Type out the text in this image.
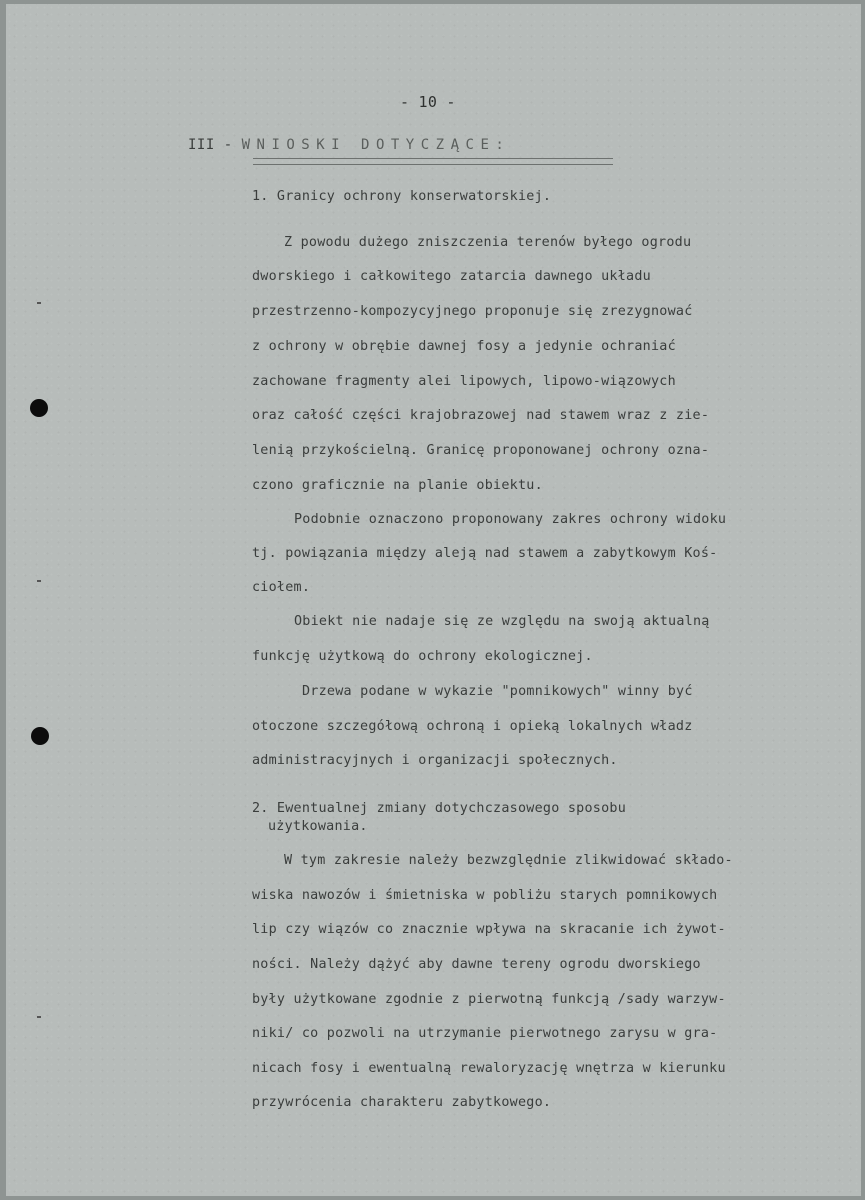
- 10 -
III - WNIOSKI DOTYCZĄCE:
1. Granicy ochrony konserwatorskiej.
Z powodu dużego zniszczenia terenów byłego ogrodu
dworskiego i całkowitego zatarcia dawnego układu
przestrzenno-kompozycyjnego proponuje się zrezygnować
z ochrony w obrębie dawnej fosy a jedynie ochraniać
zachowane fragmenty alei lipowych, lipowo-wiązowych
oraz całość części krajobrazowej nad stawem wraz z zie-
lenią przykościelną. Granicę proponowanej ochrony ozna-
czono graficznie na planie obiektu.
Podobnie oznaczono proponowany zakres ochrony widoku
tj. powiązania między aleją nad stawem a zabytkowym Koś-
ciołem.
Obiekt nie nadaje się ze względu na swoją aktualną
funkcję użytkową do ochrony ekologicznej.
Drzewa podane w wykazie "pomnikowych" winny być
otoczone szczegółową ochroną i opieką lokalnych władz
administracyjnych i organizacji społecznych.
2. Ewentualnej zmiany dotychczasowego sposobu
użytkowania.
W tym zakresie należy bezwzględnie zlikwidować składo-
wiska nawozów i śmietniska w pobliżu starych pomnikowych
lip czy wiązów co znacznie wpływa na skracanie ich żywot-
ności. Należy dążyć aby dawne tereny ogrodu dworskiego
były użytkowane zgodnie z pierwotną funkcją /sady warzyw-
niki/ co pozwoli na utrzymanie pierwotnego zarysu w gra-
nicach fosy i ewentualną rewaloryzację wnętrza w kierunku
przywrócenia charakteru zabytkowego.
